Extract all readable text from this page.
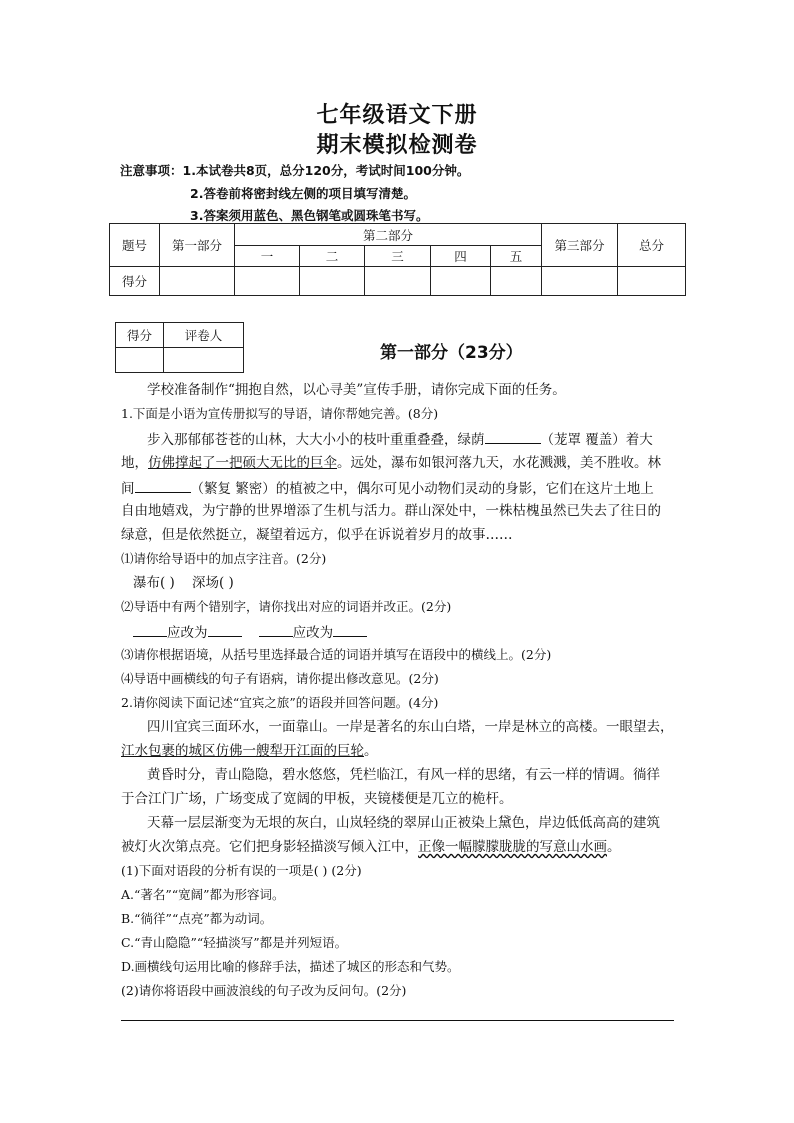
七年级语文下册
期末模拟检测卷
注意事项：1.本试卷共8页，总分120分，考试时间100分钟。
2.答卷前将密封线左侧的项目填写清楚。
3.答案须用蓝色、黑色钢笔或圆珠笔书写。
题号	第一部分	第二部分					第三部分	总分
		一	二	三	四	五		
得分								
得分	评卷人

第一部分（23分）
学校准备制作“拥抱自然，以心寻美”宣传手册，请你完成下面的任务。
1.下面是小语为宣传册拟写的导语，请你帮她完善。(8分)
步入那郁郁苍苍的山林，大大小小的枝叶重重叠叠，绿荫	（茏罩 覆盖）着大
地，仿佛撑起了一把硕大无比的巨伞。远处，瀑布如银河落九天，水花溅溅，美不胜收。林
间	（繁复 繁密）的植被之中，偶尔可见小动物们灵动的身影，它们在这片土地上
自由地嬉戏，为宁静的世界增添了生机与活力。群山深处中，一株枯槐虽然已失去了往日的
绿意，但是依然挺立，凝望着远方，似乎在诉说着岁月的故事……
⑴请你给导语中的加点字注音。(2分)
瀑布( ) 深场( )
⑵导语中有两个错别字，请你找出对应的词语并改正。(2分)
应改为	应改为
⑶请你根据语境，从括号里选择最合适的词语并填写在语段中的横线上。(2分)
⑷导语中画横线的句子有语病，请你提出修改意见。(2分)
2.请你阅读下面记述“宜宾之旅”的语段并回答问题。(4分)
四川宜宾三面环水，一面靠山。一岸是著名的东山白塔，一岸是林立的高楼。一眼望去，
江水包裹的城区仿佛一艘犁开江面的巨轮。
黄昏时分，青山隐隐，碧水悠悠，凭栏临江，有风一样的思绪，有云一样的情调。徜徉
于合江门广场，广场变成了宽阔的甲板，夹镜楼便是兀立的桅杆。
天幕一层层渐变为无垠的灰白，山岚轻绕的翠屏山正被染上黛色，岸边低低高高的建筑
被灯火次第点亮。它们把身影轻描淡写倾入江中，正像一幅朦朦胧胧的写意山水画。
(1)下面对语段的分析有误的一项是( ) (2分)
A.“著名”“宽阔”都为形容词。
B.“徜徉”“点亮”都为动词。
C.“青山隐隐”“轻描淡写”都是并列短语。
D.画横线句运用比喻的修辞手法，描述了城区的形态和气势。
(2)请你将语段中画波浪线的句子改为反问句。(2分)
